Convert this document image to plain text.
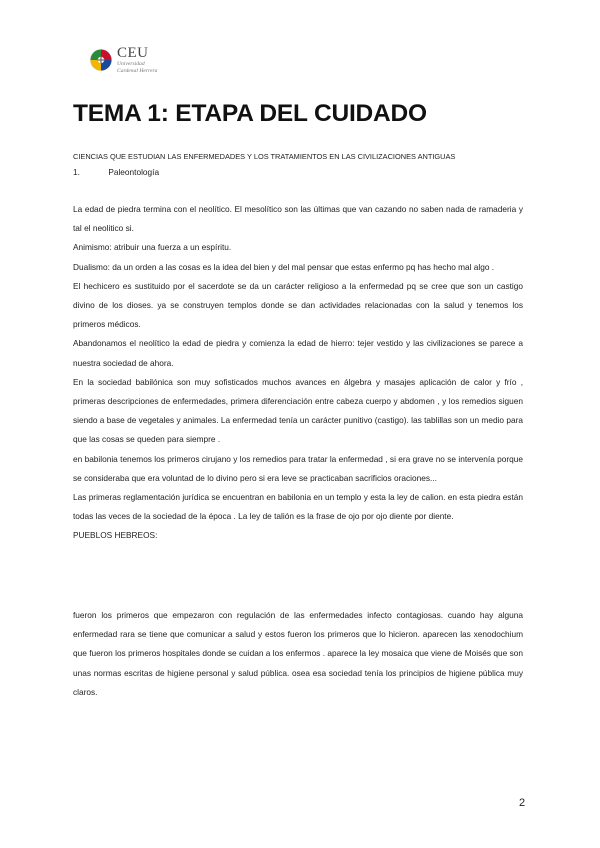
CEU
Universidad
Cardenal Herrera
TEMA 1: ETAPA DEL CUIDADO
CIENCIAS QUE ESTUDIAN LAS ENFERMEDADES Y LOS TRATAMIENTOS EN LAS CIVILIZACIONES ANTIGUAS
1.	Paleontología

La edad de piedra termina con el neolítico. El mesolítico son las últimas que van cazando no saben nada de ramaderia y tal el neolitico si.

Animismo: atribuir una fuerza a un espíritu.

Dualismo: da un orden a las cosas es la idea del bien y del mal pensar que estas enfermo pq has hecho mal algo .

El hechicero es sustituido por el sacerdote se da un carácter religioso a la enfermedad pq se cree que son un castigo divino de los dioses. ya se construyen templos donde se dan actividades relacionadas con la salud y tenemos los primeros médicos.

Abandonamos el neolítico la edad de piedra y comienza la edad de hierro: tejer vestido y las civilizaciones se parece a nuestra sociedad de ahora.

En la sociedad babilónica son muy sofisticados muchos avances en álgebra y masajes aplicación de calor y frío , primeras descripciones de enfermedades, primera diferenciación entre cabeza cuerpo y abdomen , y los remedios siguen siendo a base de vegetales y animales. La enfermedad tenía un carácter punitivo (castigo). las tablillas son un medio para que las cosas se queden para siempre .

en babilonia tenemos los primeros cirujano y los remedios para tratar la enfermedad , si era grave no se intervenía porque se consideraba que era voluntad de lo divino pero si era leve se practicaban sacrificios oraciones...

Las primeras reglamentación jurídica se encuentran en babilonia en un templo y esta la ley de calion. en esta piedra están todas las veces de la sociedad de la época . La ley de talión es la frase de ojo por ojo diente por diente.

PUEBLOS HEBREOS:

fueron los primeros que empezaron con regulación de las enfermedades infecto contagiosas. cuando hay alguna enfermedad rara se tiene que comunicar a salud y estos fueron los primeros que lo hicieron. aparecen las xenodochium que fueron los primeros hospitales donde se cuidan a los enfermos . aparece la ley mosaica que viene de Moisés que son unas normas escritas de higiene personal y salud pública. osea esa sociedad tenía los principios de higiene pública muy claros.

2
